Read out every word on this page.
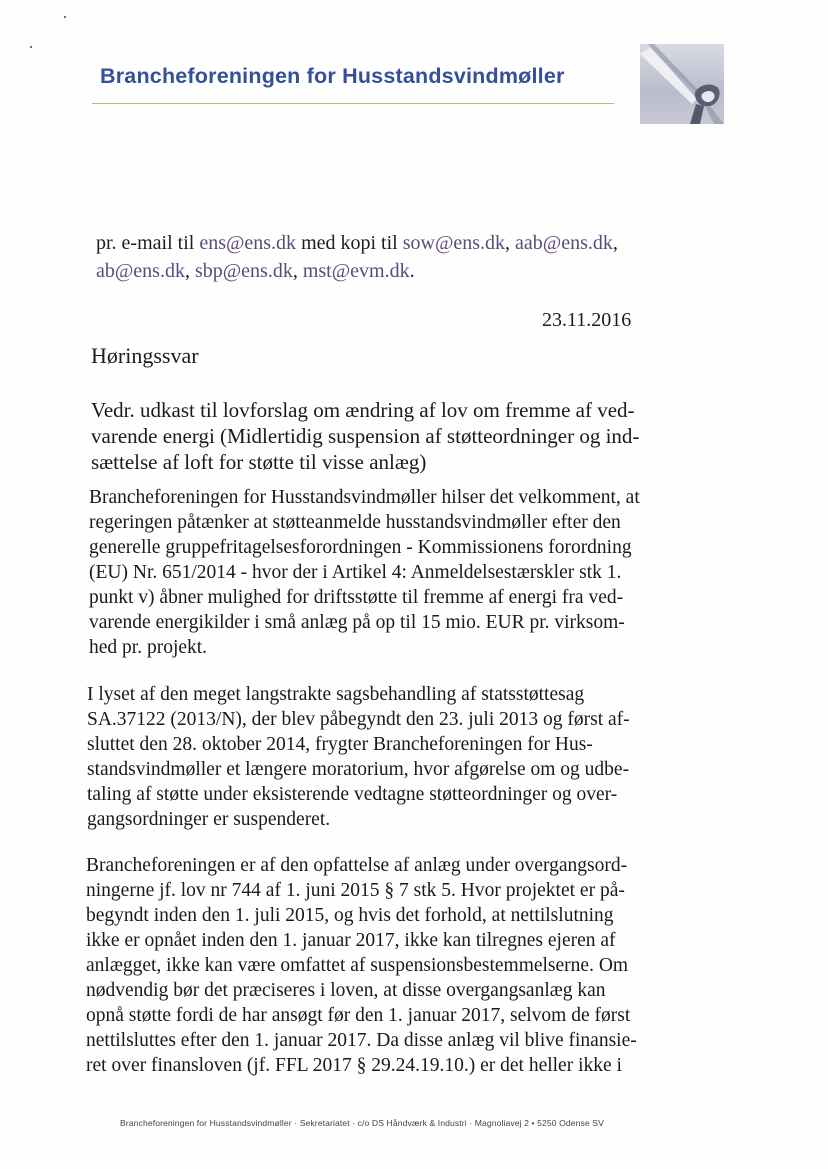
Brancheforeningen for Husstandsvindmøller
pr. e-mail til ens@ens.dk med kopi til sow@ens.dk, aab@ens.dk,
ab@ens.dk, sbp@ens.dk, mst@evm.dk.
23.11.2016
Høringssvar
Vedr. udkast til lovforslag om ændring af lov om fremme af ved-
varende energi (Midlertidig suspension af støtteordninger og ind-
sættelse af loft for støtte til visse anlæg)
Brancheforeningen for Husstandsvindmøller hilser det velkomment, at
regeringen påtænker at støtteanmelde husstandsvindmøller efter den
generelle gruppefritagelsesforordningen - Kommissionens forordning
(EU) Nr. 651/2014 - hvor der i Artikel 4: Anmeldelsestærskler stk 1.
punkt v) åbner mulighed for driftsstøtte til fremme af energi fra ved-
varende energikilder i små anlæg på op til 15 mio. EUR pr. virksom-
hed pr. projekt.
I lyset af den meget langstrakte sagsbehandling af statsstøttesag
SA.37122 (2013/N), der blev påbegyndt den 23. juli 2013 og først af-
sluttet den 28. oktober 2014, frygter Brancheforeningen for Hus-
standsvindmøller et længere moratorium, hvor afgørelse om og udbe-
taling af støtte under eksisterende vedtagne støtteordninger og over-
gangsordninger er suspenderet.
Brancheforeningen er af den opfattelse af anlæg under overgangsord-
ningerne jf. lov nr 744 af 1. juni 2015 § 7 stk 5. Hvor projektet er på-
begyndt inden den 1. juli 2015, og hvis det forhold, at nettilslutning
ikke er opnået inden den 1. januar 2017, ikke kan tilregnes ejeren af
anlægget, ikke kan være omfattet af suspensionsbestemmelserne. Om
nødvendig bør det præciseres i loven, at disse overgangsanlæg kan
opnå støtte fordi de har ansøgt før den 1. januar 2017, selvom de først
nettilsluttes efter den 1. januar 2017. Da disse anlæg vil blive finansie-
ret over finansloven (jf. FFL 2017 § 29.24.19.10.) er det heller ikke i
Brancheforeningen for Husstandsvindmøller · Sekretariatet · c/o DS Håndværk & Industri · Magnoliavej 2 • 5250 Odense SV
